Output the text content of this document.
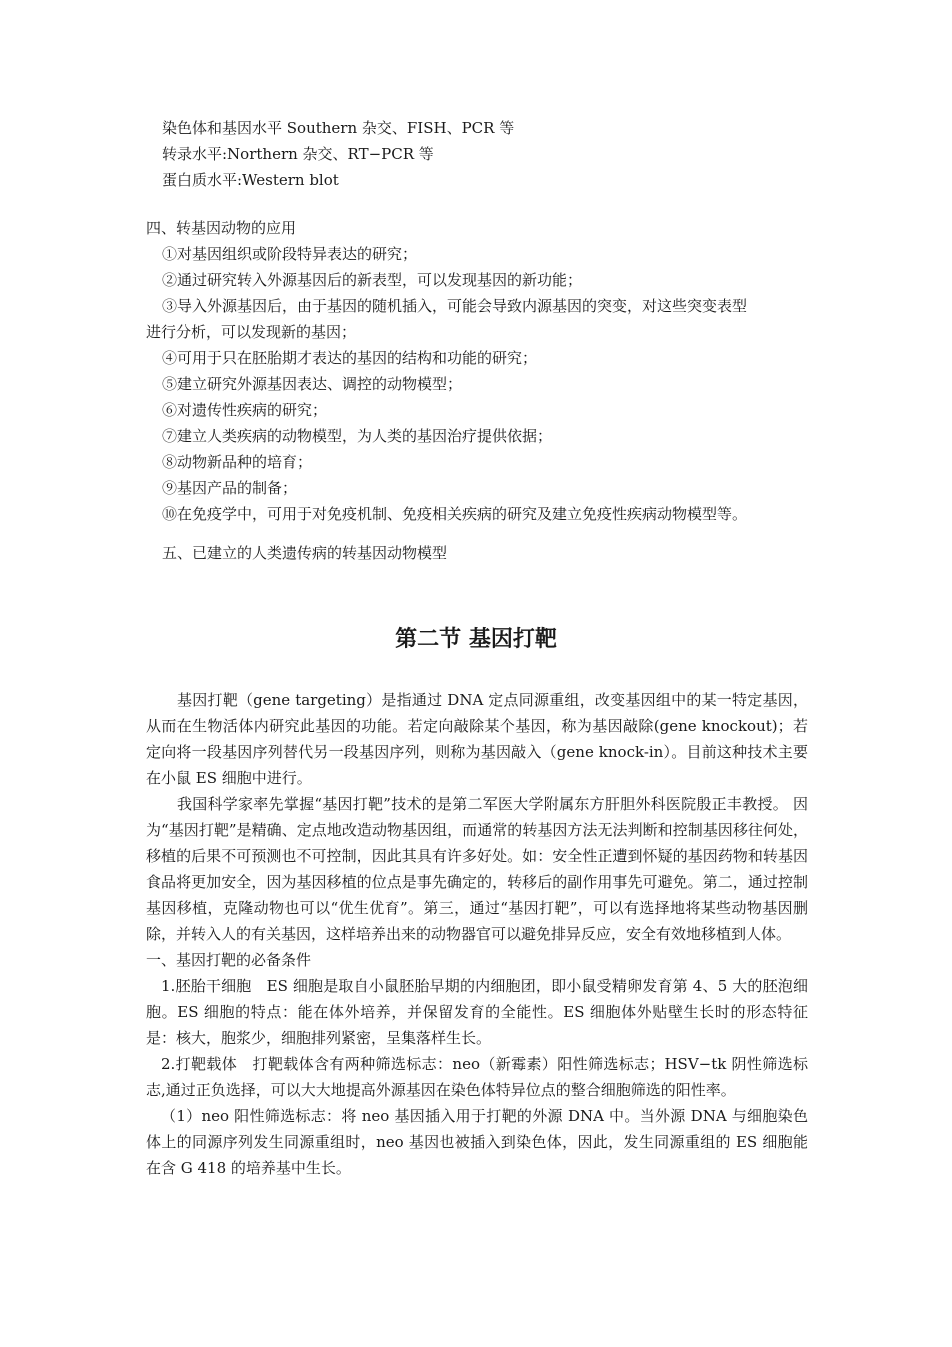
染色体和基因水平 Southern 杂交、FISH、PCR 等
转录水平:Northern 杂交、RT−PCR 等
蛋白质水平:Western blot
四、转基因动物的应用
①对基因组织或阶段特异表达的研究；
②通过研究转入外源基因后的新表型，可以发现基因的新功能；
③导入外源基因后，由于基因的随机插入，可能会导致内源基因的突变，对这些突变表型
进行分析，可以发现新的基因；
④可用于只在胚胎期才表达的基因的结构和功能的研究；
⑤建立研究外源基因表达、调控的动物模型；
⑥对遗传性疾病的研究；
⑦建立人类疾病的动物模型，为人类的基因治疗提供依据；
⑧动物新品种的培育；
⑨基因产品的制备；
⑩在免疫学中，可用于对免疫机制、免疫相关疾病的研究及建立免疫性疾病动物模型等。
五、已建立的人类遗传病的转基因动物模型
第二节 基因打靶

基因打靶（gene targeting）是指通过 DNA 定点同源重组，改变基因组中的某一特定基因，从而在生物活体内研究此基因的功能。若定向敲除某个基因，称为基因敲除(gene knockout)；若定向将一段基因序列替代另一段基因序列，则称为基因敲入（gene knock-in）。目前这种技术主要在小鼠 ES 细胞中进行。

我国科学家率先掌握“基因打靶”技术的是第二军医大学附属东方肝胆外科医院殷正丰教授。 因为“基因打靶”是精确、定点地改造动物基因组，而通常的转基因方法无法判断和控制基因移往何处，移植的后果不可预测也不可控制，因此其具有许多好处。如：安全性正遭到怀疑的基因药物和转基因食品将更加安全，因为基因移植的位点是事先确定的，转移后的副作用事先可避免。第二，通过控制基因移植，克隆动物也可以“优生优育”。第三，通过“基因打靶”，可以有选择地将某些动物基因删除，并转入人的有关基因，这样培养出来的动物器官可以避免排异反应，安全有效地移植到人体。

一、基因打靶的必备条件

1.胚胎干细胞　ES 细胞是取自小鼠胚胎早期的内细胞团，即小鼠受精卵发育第 4、5 大的胚泡细胞。ES 细胞的特点：能在体外培养，并保留发育的全能性。ES 细胞体外贴壁生长时的形态特征是：核大，胞浆少，细胞排列紧密，呈集落样生长。

2.打靶载体　打靶载体含有两种筛选标志：neo（新霉素）阳性筛选标志；HSV−tk 阴性筛选标志,通过正负选择，可以大大地提高外源基因在染色体特异位点的整合细胞筛选的阳性率。

（1）neo 阳性筛选标志：将 neo 基因插入用于打靶的外源 DNA 中。当外源 DNA 与细胞染色体上的同源序列发生同源重组时，neo 基因也被插入到染色体，因此，发生同源重组的 ES 细胞能在含 G 418 的培养基中生长。
